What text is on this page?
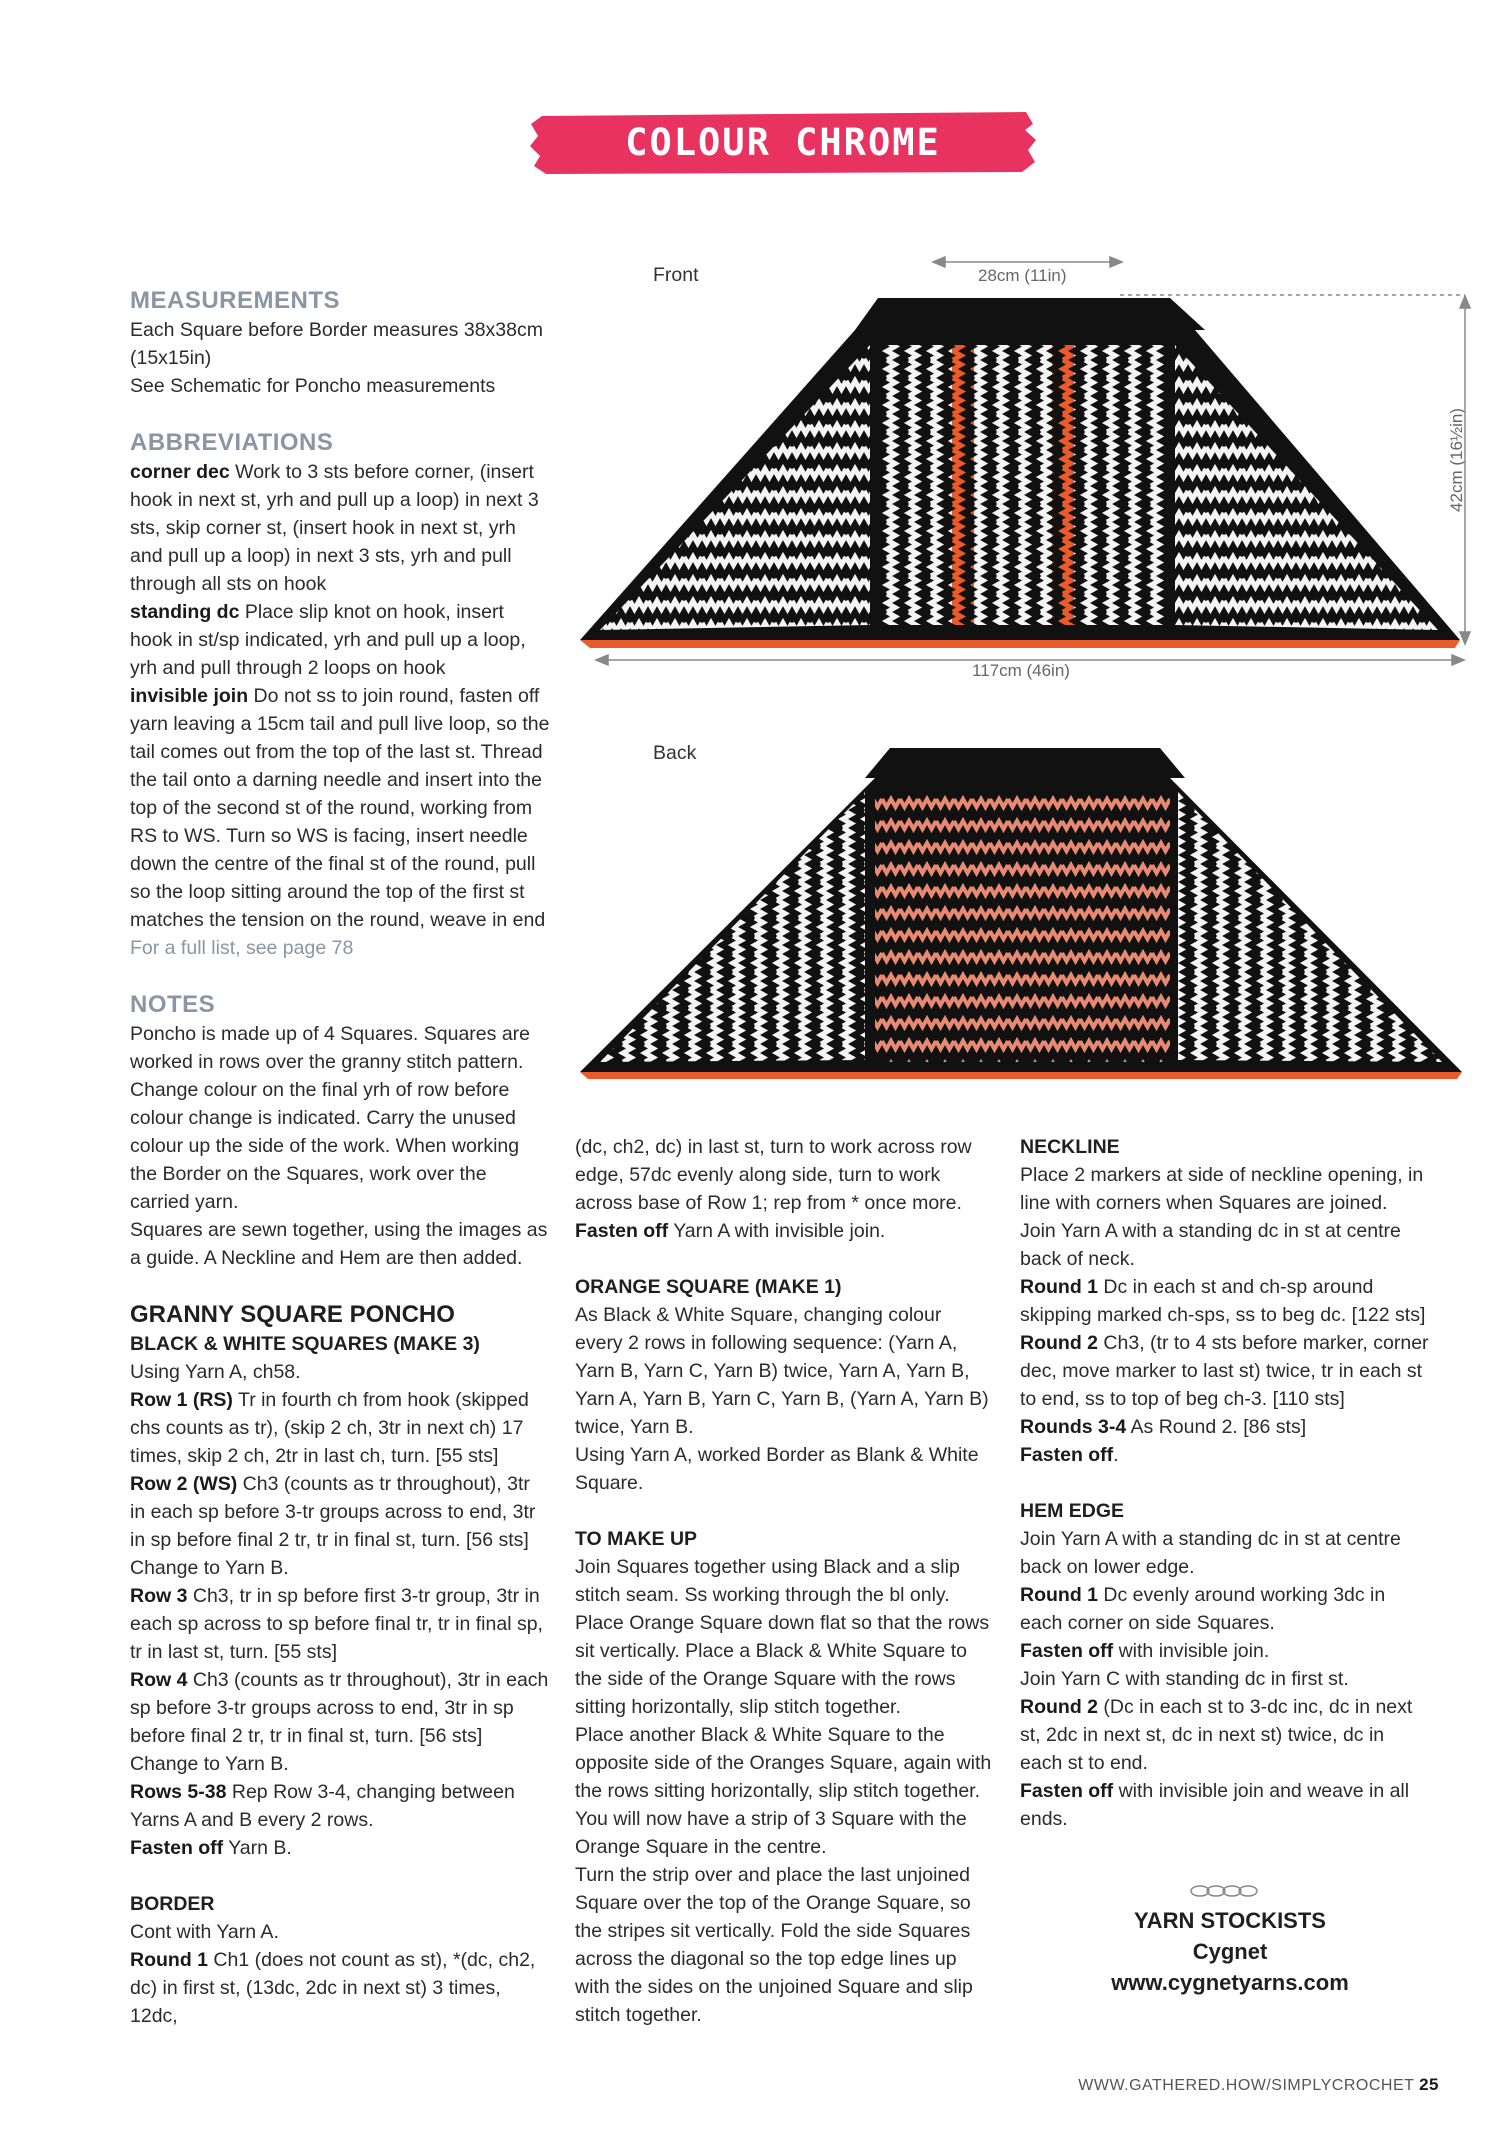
COLOUR CHROME COLLECTION
Front
Back
28cm (11in)
117cm (46in)
42cm (16½in)

MEASUREMENTS

Each Square before Border measures 38x38cm (15x15in)

See Schematic for Poncho measurements

ABBREVIATIONS

corner dec Work to 3 sts before corner, (insert hook in next st, yrh and pull up a loop) in next 3 sts, skip corner st, (insert hook in next st, yrh and pull up a loop) in next 3 sts, yrh and pull through all sts on hook

standing dc Place slip knot on hook, insert hook in st/sp indicated, yrh and pull up a loop, yrh and pull through 2 loops on hook

invisible join Do not ss to join round, fasten off yarn leaving a 15cm tail and pull live loop, so the tail comes out from the top of the last st. Thread the tail onto a darning needle and insert into the top of the second st of the round, working from RS to WS. Turn so WS is facing, insert needle down the centre of the final st of the round, pull so the loop sitting around the top of the first st matches the tension on the round, weave in end

For a full list, see page 78

NOTES

Poncho is made up of 4 Squares. Squares are worked in rows over the granny stitch pattern. Change colour on the final yrh of row before colour change is indicated. Carry the unused colour up the side of the work. When working the Border on the Squares, work over the carried yarn.

Squares are sewn together, using the images as a guide. A Neckline and Hem are then added.

GRANNY SQUARE PONCHO

BLACK & WHITE SQUARES (MAKE 3)

Using Yarn A, ch58.

Row 1 (RS) Tr in fourth ch from hook (skipped chs counts as tr), (skip 2 ch, 3tr in next ch) 17 times, skip 2 ch, 2tr in last ch, turn. [55 sts]

Row 2 (WS) Ch3 (counts as tr throughout), 3tr in each sp before 3-tr groups across to end, 3tr in sp before final 2 tr, tr in final st, turn. [56 sts] Change to Yarn B.

Row 3 Ch3, tr in sp before first 3-tr group, 3tr in each sp across to sp before final tr, tr in final sp, tr in last st, turn. [55 sts]

Row 4 Ch3 (counts as tr throughout), 3tr in each sp before 3-tr groups across to end, 3tr in sp before final 2 tr, tr in final st, turn. [56 sts] Change to Yarn B.

Rows 5-38 Rep Row 3-4, changing between Yarns A and B every 2 rows.

Fasten off Yarn B.

BORDER

Cont with Yarn A.

Round 1 Ch1 (does not count as st), *(dc, ch2, dc) in first st, (13dc, 2dc in next st) 3 times, 12dc,

(dc, ch2, dc) in last st, turn to work across row edge, 57dc evenly along side, turn to work across base of Row 1; rep from * once more.

Fasten off Yarn A with invisible join.

ORANGE SQUARE (MAKE 1)

As Black & White Square, changing colour every 2 rows in following sequence: (Yarn A, Yarn B, Yarn C, Yarn B) twice, Yarn A, Yarn B, Yarn A, Yarn B, Yarn C, Yarn B, (Yarn A, Yarn B) twice, Yarn B.

Using Yarn A, worked Border as Blank & White Square.

TO MAKE UP

Join Squares together using Black and a slip stitch seam. Ss working through the bl only.

Place Orange Square down flat so that the rows sit vertically. Place a Black & White Square to the side of the Orange Square with the rows sitting horizontally, slip stitch together.

Place another Black & White Square to the opposite side of the Oranges Square, again with the rows sitting horizontally, slip stitch together. You will now have a strip of 3 Square with the Orange Square in the centre.

Turn the strip over and place the last unjoined Square over the top of the Orange Square, so the stripes sit vertically. Fold the side Squares across the diagonal so the top edge lines up with the sides on the unjoined Square and slip stitch together.

NECKLINE

Place 2 markers at side of neckline opening, in line with corners when Squares are joined.

Join Yarn A with a standing dc in st at centre back of neck.

Round 1 Dc in each st and ch-sp around skipping marked ch-sps, ss to beg dc. [122 sts]

Round 2 Ch3, (tr to 4 sts before marker, corner dec, move marker to last st) twice, tr in each st to end, ss to top of beg ch-3. [110 sts]

Rounds 3-4 As Round 2. [86 sts]

Fasten off.

HEM EDGE

Join Yarn A with a standing dc in st at centre back on lower edge.

Round 1 Dc evenly around working 3dc in each corner on side Squares.

Fasten off with invisible join.

Join Yarn C with standing dc in first st.

Round 2 (Dc in each st to 3-dc inc, dc in next st, 2dc in next st, dc in next st) twice, dc in each st to end.

Fasten off with invisible join and weave in all ends.

YARN STOCKISTS
Cygnet
www.cygnetyarns.com
WWW.GATHERED.HOW/SIMPLYCROCHET 25
